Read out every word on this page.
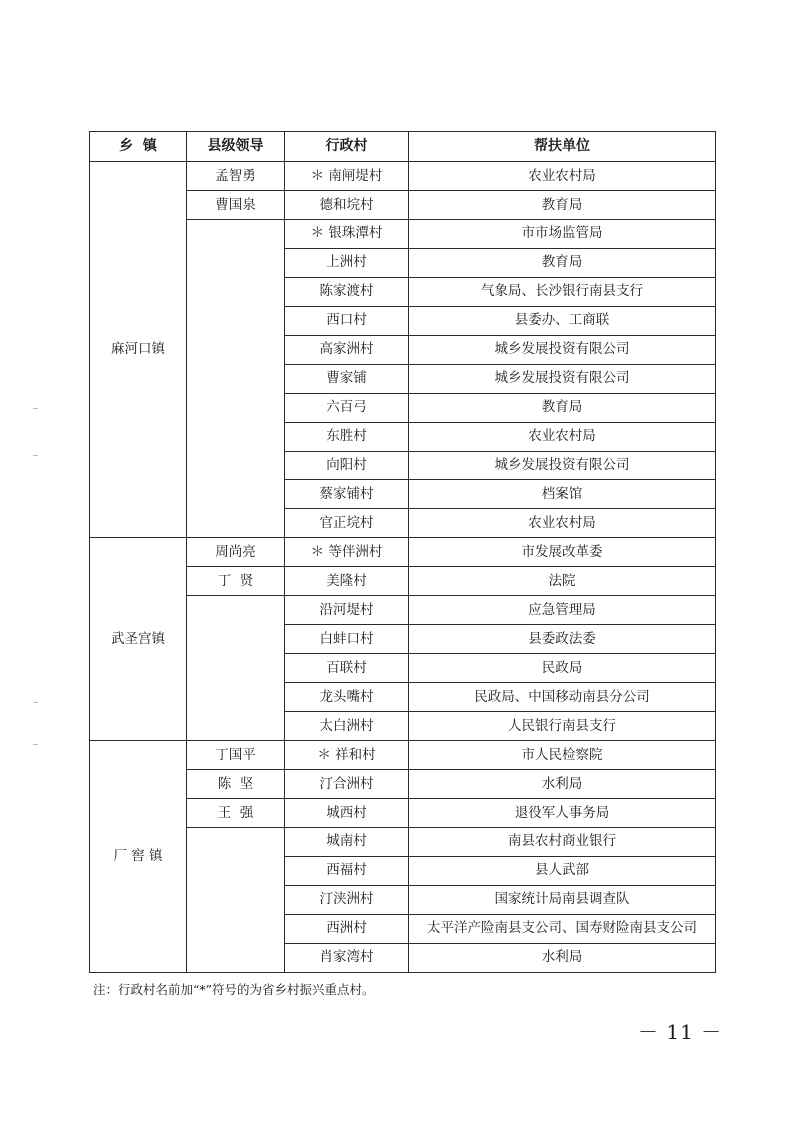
乡  镇	县级领导	行政村	帮扶单位
麻河口镇	孟智勇	＊ 南闸堤村	农业农村局
	曹国泉	德和垸村	教育局
		＊ 银珠潭村	市市场监管局
		上洲村	教育局
		陈家渡村	气象局、长沙银行南县支行
		西口村	县委办、工商联
		高家洲村	城乡发展投资有限公司
		曹家铺	城乡发展投资有限公司
		六百弓	教育局
		东胜村	农业农村局
		向阳村	城乡发展投资有限公司
		蔡家铺村	档案馆
		官正垸村	农业农村局
武圣宫镇	周尚亮	＊ 等伴洲村	市发展改革委
	丁  贤	美隆村	法院
		沿河堤村	应急管理局
		白蚌口村	县委政法委
		百联村	民政局
		龙头嘴村	民政局、中国移动南县分公司
		太白洲村	人民银行南县支行
厂 窖 镇	丁国平	＊ 祥和村	市人民检察院
	陈  坚	汀合洲村	水利局
	王  强	城西村	退役军人事务局
		城南村	南县农村商业银行
		西福村	县人武部
		汀浃洲村	国家统计局南县调查队
		西洲村	太平洋产险南县支公司、国寿财险南县支公司
		肖家湾村	水利局
注：行政村名前加“*”符号的为省乡村振兴重点村。
－ 11 －
